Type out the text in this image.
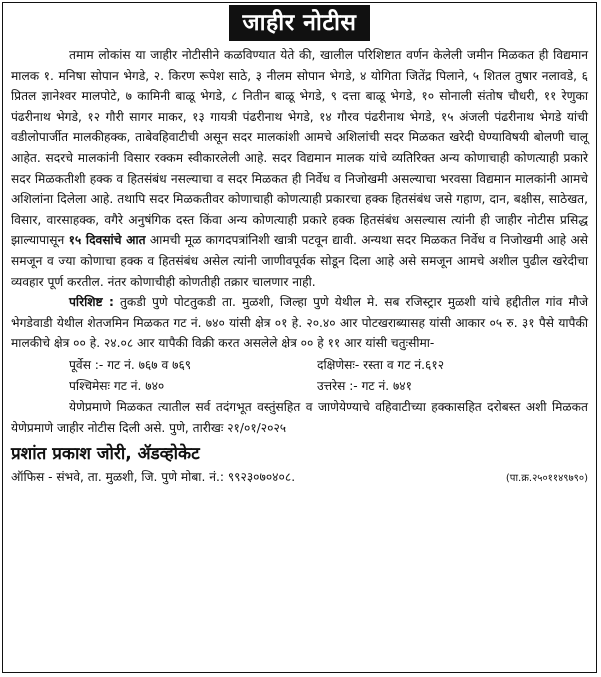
जाहीर नोटीस

तमाम लोकांस या जाहीर नोटीसीने कळविण्यात येते की, खालील परिशिष्टात वर्णन केलेली जमीन मिळकत ही विद्यमान मालक १. मनिषा सोपान भेगडे, २. किरण रूपेश साठे, ३ नीलम सोपान भेगडे, ४ योगिता जितेंद्र पिलाने, ५ शितल तुषार नलावडे, ६ प्रितल ज्ञानेश्वर मालपोटे, ७ कामिनी बाळू भेगडे, ८ नितीन बाळू भेगडे, ९ दत्ता बाळू भेगडे, १० सोनाली संतोष चौधरी, ११ रेणुका पंढरीनाथ भेगडे, १२ गौरी सागर माकर, १३ गायत्री पंढरीनाथ भेगडे, १४ गौरव पंढरीनाथ भेगडे, १५ अंजली पंढरीनाथ भेगडे यांची वडीलोपार्जीत मालकीहक्क, ताबेवहिवाटीची असून सदर मालकांशी आमचे अशिलांची सदर मिळकत खरेदी घेण्याविषयी बोलणी चालू आहेत. सदरचे मालकांनी विसार रक्कम स्वीकारलेली आहे. सदर विद्यमान मालक यांचे व्यतिरिक्त अन्य कोणाचाही कोणत्याही प्रकारे सदर मिळकतीशी हक्क व हितसंबंध नसल्याचा व सदर मिळकत ही निर्वेध व निजोखमी असल्याचा भरवसा विद्यमान मालकांनी आमचे अशिलांना दिलेला आहे. तथापि सदर मिळकतीवर कोणाचाही कोणत्याही प्रकारचा हक्क हितसंबंध जसे गहाण, दान, बक्षीस, साठेखत, विसार, वारसाहक्क, वगैरे अनुषंगिक दस्त किंवा अन्य कोणत्याही प्रकारे हक्क हितसंबंध असल्यास त्यांनी ही जाहीर नोटीस प्रसिद्ध झाल्यापासून १५ दिवसांचे आत आमची मूळ कागदपत्रांनिशी खात्री पटवून द्यावी. अन्यथा सदर मिळकत निर्वेध व निजोखमी आहे असे समजून व ज्या कोणाचा हक्क व हितसंबंध असेल त्यांनी जाणीवपूर्वक सोडून दिला आहे असे समजून आमचे अशील पुढील खरेदीचा व्यवहार पूर्ण करतील. नंतर कोणाचीही कोणतीही तक्रार चालणार नाही.

परिशिष्ट : तुकडी पुणे पोटतुकडी ता. मुळशी, जिल्हा पुणे येथील मे. सब रजिस्ट्रार मुळशी यांचे हद्दीतील गांव मौजे भेगडेवाडी येथील शेतजमिन मिळकत गट नं. ७४० यांसी क्षेत्र ०१ हे. २०.४० आर पोटखराब्यासह यांसी आकार ०५ रु. ३१ पैसे यापैकी मालकीचे क्षेत्र ०० हे. २४.०८ आर यापैकी विक्री करत असलेले क्षेत्र ०० हे ११ आर यांसी चतुःसीमा-

पूर्वेस :- गट नं. ७६७ व ७६९	दक्षिणेसः- रस्ता व गट नं.६१२
पश्चिमेसः गट नं. ७४०	उत्तरेस :- गट नं. ७४१

येणेप्रमाणे मिळकत त्यातील सर्व तदंगभूत वस्तुंसहित व जाणेयेण्याचे वहिवाटीच्या हक्कासहित दरोबस्त अशी मिळकत येणेप्रमाणे जाहीर नोटीस दिली असे. पुणे, तारीखः २१/०१/२०२५

प्रशांत प्रकाश जोरी, ॲडव्होकेट
ऑफिस - संभवे, ता. मुळशी, जि. पुणे मोबा. नं.: ९९२३०७०४०८.	(पा.क्र.२५०११४९७९०)
